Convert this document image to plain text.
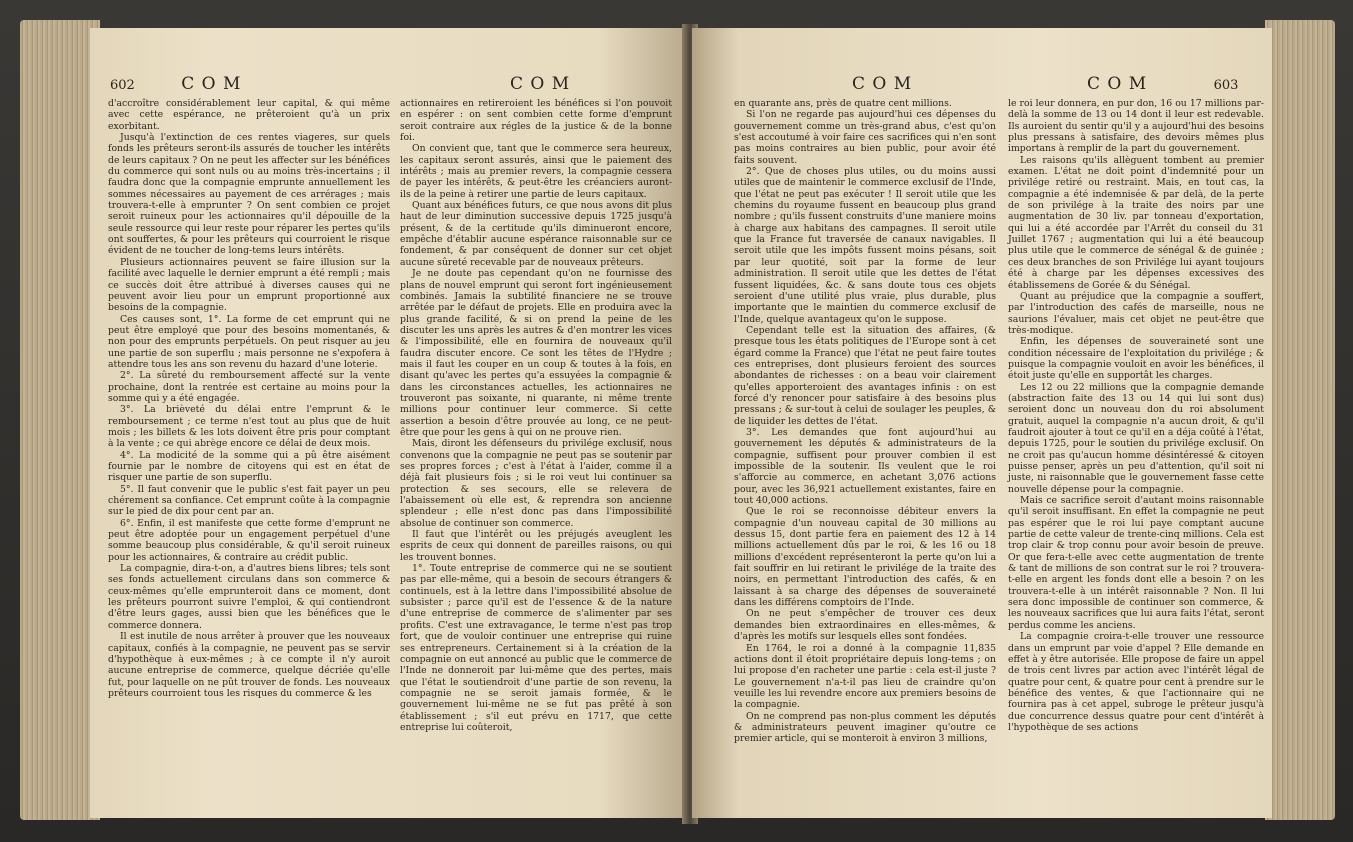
602	C O M	C O M

d'accroître considérablement leur capital, & qui même avec cette espérance, ne prêteroient qu'à un prix exorbitant.

Jusqu'à l'extinction de ces rentes viageres, sur quels fonds les prêteurs seront-ils assurés de toucher les intérêts de leurs capitaux ? On ne peut les affecter sur les bénéfices du commerce qui sont nuls ou au moins très-incertains ; il faudra donc que la compagnie emprunte annuellement les sommes nécessaires au payement de ces arrérages ; mais trouvera-t-elle à emprunter ? On sent combien ce projet seroit ruineux pour les actionnaires qu'il dépouille de la seule ressource qui leur reste pour réparer les pertes qu'ils ont souffertes, & pour les prêteurs qui courroient le risque évident de ne toucher de long-tems leurs intérêts.

Plusieurs actionnaires peuvent se faire illusion sur la facilité avec laquelle le dernier emprunt a été rempli ; mais ce succès doit être attribué à diverses causes qui ne peuvent avoir lieu pour un emprunt proportionné aux besoins de la compagnie.

Ces causes sont, 1°. La forme de cet emprunt qui ne peut être employé que pour des besoins momentanés, & non pour des emprunts perpétuels. On peut risquer au jeu une partie de son superflu ; mais personne ne s'expofera à attendre tous les ans son revenu du hazard d'une loterie.

2°. La sûreté du remboursement affecté sur la vente prochaine, dont la rentrée est certaine au moins pour la somme qui y a été engagée.

3°. La brièveté du délai entre l'emprunt & le remboursement ; ce terme n'est tout au plus que de huit mois ; les billets & les lots doivent être pris pour comptant à la vente ; ce qui abrège encore ce délai de deux mois.

4°. La modicité de la somme qui a pû être aisément fournie par le nombre de citoyens qui est en état de risquer une partie de son superflu.

5°. Il faut convenir que le public s'est fait payer un peu chérement sa confiance. Cet emprunt coûte à la compagnie sur le pied de dix pour cent par an.

6°. Enfin, il est manifeste que cette forme d'emprunt ne peut être adoptée pour un engagement perpétuel d'une somme beaucoup plus considérable, & qu'il seroit ruineux pour les actionnaires, & contraire au crédit public.

La compagnie, dira-t-on, a d'autres biens libres; tels sont ses fonds actuellement circulans dans son commerce & ceux-mêmes qu'elle emprunteroit dans ce moment, dont les prêteurs pourront suivre l'emploi, & qui contiendront d'être leurs gages, aussi bien que les bénéfices que le commerce donnera.

Il est inutile de nous arrêter à prouver que les nouveaux capitaux, confiés à la compagnie, ne peuvent pas se servir d'hypothèque à eux-mêmes ; à ce compte il n'y auroit aucune entreprise de commerce, quelque décriée qu'elle fut, pour laquelle on ne pût trouver de fonds. Les nouveaux prêteurs courroient tous les risques du commerce & les

actionnaires en retireroient les bénéfices si l'on pouvoit en espérer : on sent combien cette forme d'emprunt seroit contraire aux régles de la justice & de la bonne foi.

On convient que, tant que le commerce sera heureux, les capitaux seront assurés, ainsi que le paiement des intérêts ; mais au premier revers, la compagnie cessera de payer les intérêts, & peut-être les créanciers auront-ils de la peine à retirer une partie de leurs capitaux.

Quant aux bénéfices futurs, ce que nous avons dit plus haut de leur diminution successive depuis 1725 jusqu'à présent, & de la certitude qu'ils diminueront encore, empêche d'établir aucune espérance raisonnable sur ce fondement, & par conséquent de donner sur cet objet aucune sûreté recevable par de nouveaux prêteurs.

Je ne doute pas cependant qu'on ne fournisse des plans de nouvel emprunt qui seront fort ingénieusement combinés. Jamais la subtilité financiere ne se trouve arrêtée par le défaut de projets. Elle en produira avec la plus grande facilité, & si on prend la peine de les discuter les uns après les autres & d'en montrer les vices & l'impossibilité, elle en fournira de nouveaux qu'il faudra discuter encore. Ce sont les têtes de l'Hydre ; mais il faut les couper en un coup & toutes à la fois, en disant qu'avec les pertes qu'a essuyées la compagnie & dans les circonstances actuelles, les actionnaires ne trouveront pas soixante, ni quarante, ni même trente millions pour continuer leur commerce. Si cette assertion a besoin d'être prouvée au long, ce ne peut-être que pour les gens à qui on ne prouve rien.

Mais, diront les défenseurs du privilége exclusif, nous convenons que la compagnie ne peut pas se soutenir par ses propres forces ; c'est à l'état à l'aider, comme il a déjà fait plusieurs fois ; si le roi veut lui continuer sa protection & ses secours, elle se relevera de l'abaissement où elle est, & reprendra son ancienne splendeur ; elle n'est donc pas dans l'impossibilité absolue de continuer son commerce.

Il faut que l'intérêt ou les préjugés aveuglent les esprits de ceux qui donnent de pareilles raisons, ou qui les trouvent bonnes.

1°. Toute entreprise de commerce qui ne se soutient pas par elle-même, qui a besoin de secours étrangers & continuels, est à la lettre dans l'impossibilité absolue de subsister ; parce qu'il est de l'essence & de la nature d'une entreprise de commerce de s'alimenter par ses profits. C'est une extravagance, le terme n'est pas trop fort, que de vouloir continuer une entreprise qui ruine ses entrepreneurs. Certainement si à la création de la compagnie on eut annoncé au public que le commerce de l'Inde ne donneroit par lui-même que des pertes, mais que l'état le soutiendroit d'une partie de son revenu, la compagnie ne se seroit jamais formée, & le gouvernement lui-même ne se fut pas prêté à son établissement ; s'il eut prévu en 1717, que cette entreprise lui coûteroit,

C O M	C O M	603

en quarante ans, près de quatre cent millions.

Si l'on ne regarde pas aujourd'hui ces dépenses du gouvernement comme un très-grand abus, c'est qu'on s'est accoutumé à voir faire ces sacrifices qui n'en sont pas moins contraires au bien public, pour avoir été faits souvent.

2°. Que de choses plus utiles, ou du moins aussi utiles que de maintenir le commerce exclusif de l'Inde, que l'état ne peut pas exécuter ! Il seroit utile que les chemins du royaume fussent en beaucoup plus grand nombre ; qu'ils fussent construits d'une maniere moins à charge aux habitans des campagnes. Il seroit utile que la France fut traversée de canaux navigables. Il seroit utile que les impôts fussent moins pésans, soit par leur quotité, soit par la forme de leur administration. Il seroit utile que les dettes de l'état fussent liquidées, &c. & sans doute tous ces objets seroient d'une utilité plus vraie, plus durable, plus importante que le maintien du commerce exclusif de l'Inde, quelque avantageux qu'on le suppose.

Cependant telle est la situation des affaires, (& presque tous les états politiques de l'Europe sont à cet égard comme la France) que l'état ne peut faire toutes ces entreprises, dont plusieurs feroient des sources abondantes de richesses : on a beau voir clairement qu'elles apporteroient des avantages infinis : on est forcé d'y renoncer pour satisfaire à des besoins plus pressans ; & sur-tout à celui de soulager les peuples, & de liquider les dettes de l'état.

3°. Les demandes que font aujourd'hui au gouvernement les députés & administrateurs de la compagnie, suffisent pour prouver combien il est impossible de la soutenir. Ils veulent que le roi s'afforcie au commerce, en achetant 3,076 actions pour, avec les 36,921 actuellement existantes, faire en tout 40,000 actions.

Que le roi se reconnoisse débiteur envers la compagnie d'un nouveau capital de 30 millions au dessus 15, dont partie fera en paiement des 12 à 14 millions actuellement dûs par le roi, & les 16 ou 18 millions d'excédent représenteront la perte qu'on lui a fait souffrir en lui retirant le privilége de la traite des noirs, en permettant l'introduction des cafés, & en laissant à sa charge des dépenses de souveraineté dans les différens comptoirs de l'Inde.

On ne peut s'empêcher de trouver ces deux demandes bien extraordinaires en elles-mêmes, & d'après les motifs sur lesquels elles sont fondées.

En 1764, le roi a donné à la compagnie 11,835 actions dont il étoit propriétaire depuis long-tems ; on lui propose d'en racheter une partie : cela est-il juste ? Le gouvernement n'a-t-il pas lieu de craindre qu'on veuille les lui revendre encore aux premiers besoins de la compagnie.

On ne comprend pas non-plus comment les députés & administrateurs peuvent imaginer qu'outre ce premier article, qui se monteroit à environ 3 millions,

le roi leur donnera, en pur don, 16 ou 17 millions par-delà la somme de 13 ou 14 dont il leur est redevable. Ils auroient du sentir qu'il y a aujourd'hui des besoins plus pressans à satisfaire, des devoirs mêmes plus importans à remplir de la part du gouvernement.

Les raisons qu'ils allèguent tombent au premier examen. L'état ne doit point d'indemnité pour un privilége retiré ou restraint. Mais, en tout cas, la compagnie a été indemnisée & par delà, de la perte de son privilége à la traite des noirs par une augmentation de 30 liv. par tonneau d'exportation, qui lui a été accordée par l'Arrêt du conseil du 31 Juillet 1767 ; augmentation qui lui a été beaucoup plus utile que le commerce de sénégal & de guinée ; ces deux branches de son Privilége lui ayant toujours été à charge par les dépenses excessives des établissemens de Gorée & du Sénégal.

Quant au préjudice que la compagnie a souffert, par l'introduction des cafés de marseille, nous ne saurions l'évaluer, mais cet objet ne peut-être que très-modique.

Enfin, les dépenses de souveraineté sont une condition nécessaire de l'exploitation du privilége ; & puisque la compagnie vouloit en avoir les bénéfices, il étoit juste qu'elle en supportât les charges.

Les 12 ou 22 millions que la compagnie demande (abstraction faite des 13 ou 14 qui lui sont dus) seroient donc un nouveau don du roi absolument gratuit, auquel la compagnie n'a aucun droit, & qu'il faudroit ajouter à tout ce qu'il en a déja coûté à l'état, depuis 1725, pour le soutien du privilége exclusif. On ne croit pas qu'aucun homme désintéressé & citoyen puisse penser, après un peu d'attention, qu'il soit ni juste, ni raisonnable que le gouvernement fasse cette nouvelle dépense pour la compagnie.

Mais ce sacrifice seroit d'autant moins raisonnable qu'il seroit insuffisant. En effet la compagnie ne peut pas espérer que le roi lui paye comptant aucune partie de cette valeur de trente-cinq millions. Cela est trop clair & trop connu pour avoir besoin de preuve. Or que fera-t-elle avec cette augmentation de trente & tant de millions de son contrat sur le roi ? trouvera-t-elle en argent les fonds dont elle a besoin ? on les trouvera-t-elle à un intérêt raisonnable ? Non. Il lui sera donc impossible de continuer son commerce, & les nouveaux sacrifices que lui aura faits l'état, seront perdus comme les anciens.

La compagnie croira-t-elle trouver une ressource dans un emprunt par voie d'appel ? Elle demande en effet à y être autorisée. Elle propose de faire un appel de trois cent livres par action avec l'intérêt légal de quatre pour cent, & quatre pour cent à prendre sur le bénéfice des ventes, & que l'actionnaire qui ne fournira pas à cet appel, subroge le prêteur jusqu'à due concurrence dessus quatre pour cent d'intérêt à l'hypothèque de ses actions
